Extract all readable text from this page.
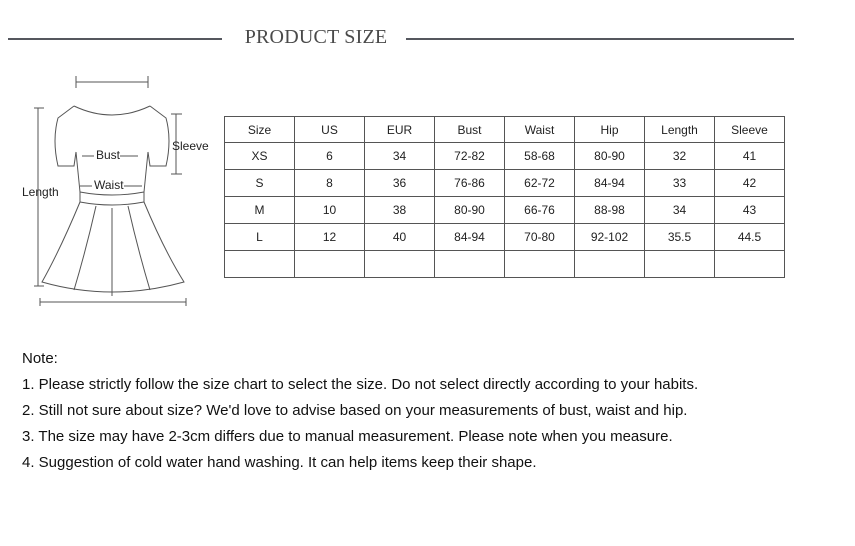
PRODUCT SIZE
Bust
Waist
Sleeve
Length
Size	US	EUR	Bust	Waist	Hip	Length	Sleeve
XS	6	34	72-82	58-68	80-90	32	41
S	8	36	76-86	62-72	84-94	33	42
M	10	38	80-90	66-76	88-98	34	43
L	12	40	84-94	70-80	92-102	35.5	44.5

Note:
1. Please strictly follow the size chart to select the size. Do not select directly according to your habits.
2. Still not sure about size? We'd love to advise based on your measurements of bust, waist and hip.
3. The size may have 2-3cm differs due to manual measurement. Please note when you measure.
4. Suggestion of cold water hand washing. It can help items keep their shape.
